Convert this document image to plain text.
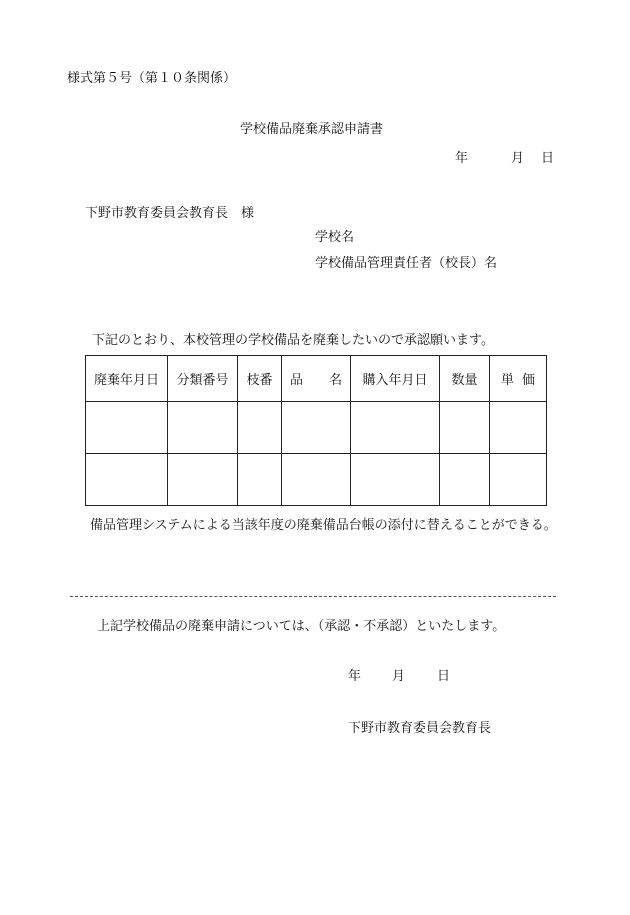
様式第５号（第１０条関係）
学校備品廃棄承認申請書
年	月	日
下野市教育委員会教育長　様
学校名
学校備品管理責任者（校長）名
下記のとおり、本校管理の学校備品を廃棄したいので承認願います。
廃棄年月日	分類番号	枝番	品 名	購入年月日	数量	単 価

備品管理システムによる当該年度の廃棄備品台帳の添付に替えることができる。
上記学校備品の廃棄申請については、（承認・不承認）といたします。
年	月	日
下野市教育委員会教育長
